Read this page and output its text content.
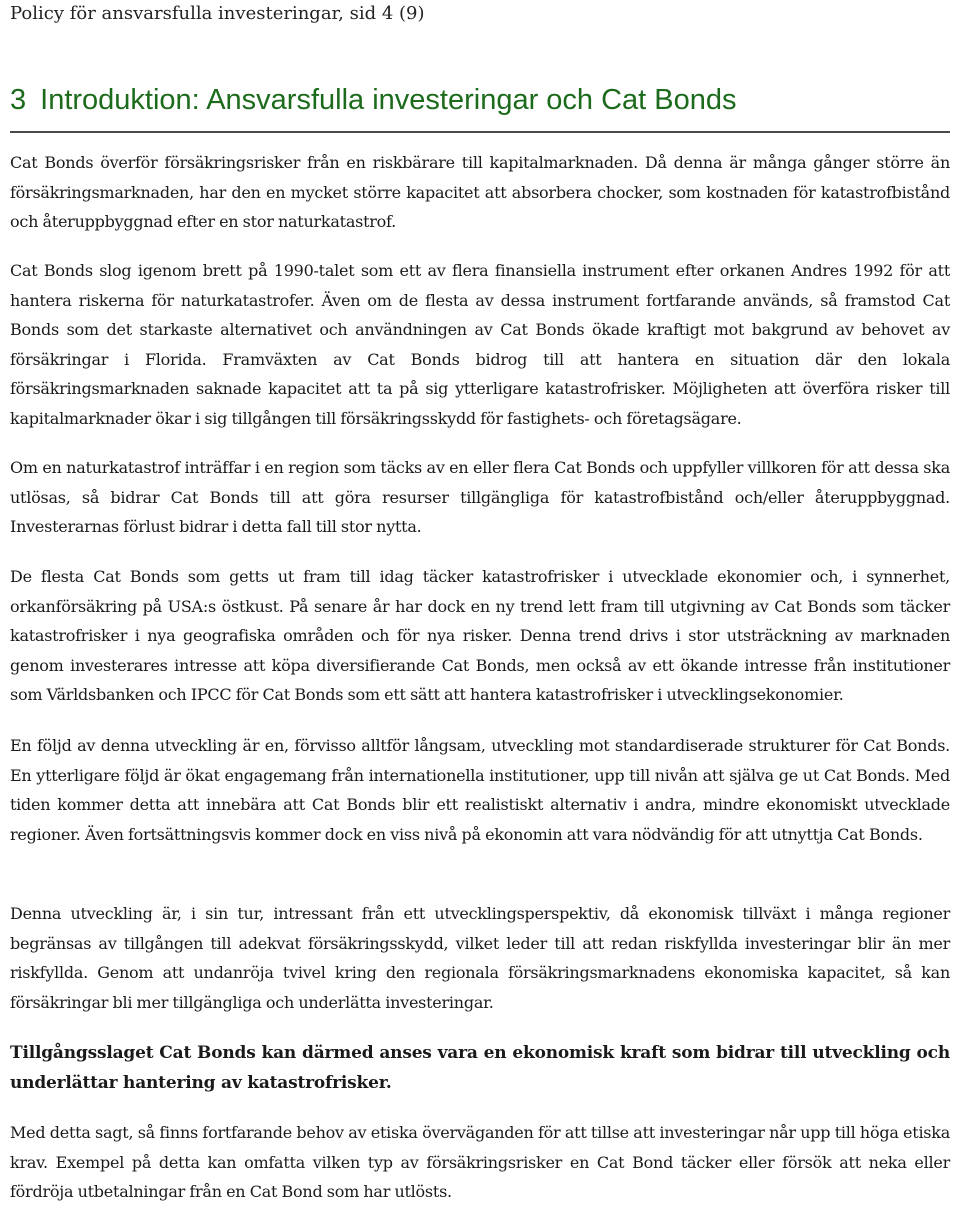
Policy för ansvarsfulla investeringar, sid 4 (9)
3 Introduktion: Ansvarsfulla investeringar och Cat Bonds

Cat Bonds överför försäkringsrisker från en riskbärare till kapitalmarknaden. Då denna är många gånger större än försäkringsmarknaden, har den en mycket större kapacitet att absorbera chocker, som kostnaden för katastrofbistånd och återuppbyggnad efter en stor naturkatastrof.

Cat Bonds slog igenom brett på 1990-talet som ett av flera finansiella instrument efter orkanen Andres 1992 för att hantera riskerna för naturkatastrofer. Även om de flesta av dessa instrument fortfarande används, så framstod Cat Bonds som det starkaste alternativet och användningen av Cat Bonds ökade kraftigt mot bakgrund av behovet av försäkringar i Florida. Framväxten av Cat Bonds bidrog till att hantera en situation där den lokala försäkringsmarknaden saknade kapacitet att ta på sig ytterligare katastrofrisker. Möjligheten att överföra risker till kapitalmarknader ökar i sig tillgången till försäkringsskydd för fastighets- och företagsägare.

Om en naturkatastrof inträffar i en region som täcks av en eller flera Cat Bonds och uppfyller villkoren för att dessa ska utlösas, så bidrar Cat Bonds till att göra resurser tillgängliga för katastrofbistånd och/eller återuppbyggnad. Investerarnas förlust bidrar i detta fall till stor nytta.

De flesta Cat Bonds som getts ut fram till idag täcker katastrofrisker i utvecklade ekonomier och, i synnerhet, orkanförsäkring på USA:s östkust. På senare år har dock en ny trend lett fram till utgivning av Cat Bonds som täcker katastrofrisker i nya geografiska områden och för nya risker. Denna trend drivs i stor utsträckning av marknaden genom investerares intresse att köpa diversifierande Cat Bonds, men också av ett ökande intresse från institutioner som Världsbanken och IPCC för Cat Bonds som ett sätt att hantera katastrofrisker i utvecklingsekonomier.

En följd av denna utveckling är en, förvisso alltför långsam, utveckling mot standardiserade strukturer för Cat Bonds. En ytterligare följd är ökat engagemang från internationella institutioner, upp till nivån att själva ge ut Cat Bonds. Med tiden kommer detta att innebära att Cat Bonds blir ett realistiskt alternativ i andra, mindre ekonomiskt utvecklade regioner. Även fortsättningsvis kommer dock en viss nivå på ekonomin att vara nödvändig för att utnyttja Cat Bonds.

Denna utveckling är, i sin tur, intressant från ett utvecklingsperspektiv, då ekonomisk tillväxt i många regioner begränsas av tillgången till adekvat försäkringsskydd, vilket leder till att redan riskfyllda investeringar blir än mer riskfyllda. Genom att undanröja tvivel kring den regionala försäkringsmarknadens ekonomiska kapacitet, så kan försäkringar bli mer tillgängliga och underlätta investeringar.

Tillgångsslaget Cat Bonds kan därmed anses vara en ekonomisk kraft som bidrar till utveckling och underlättar hantering av katastrofrisker.

Med detta sagt, så finns fortfarande behov av etiska överväganden för att tillse att investeringar når upp till höga etiska krav. Exempel på detta kan omfatta vilken typ av försäkringsrisker en Cat Bond täcker eller försök att neka eller fördröja utbetalningar från en Cat Bond som har utlösts.
